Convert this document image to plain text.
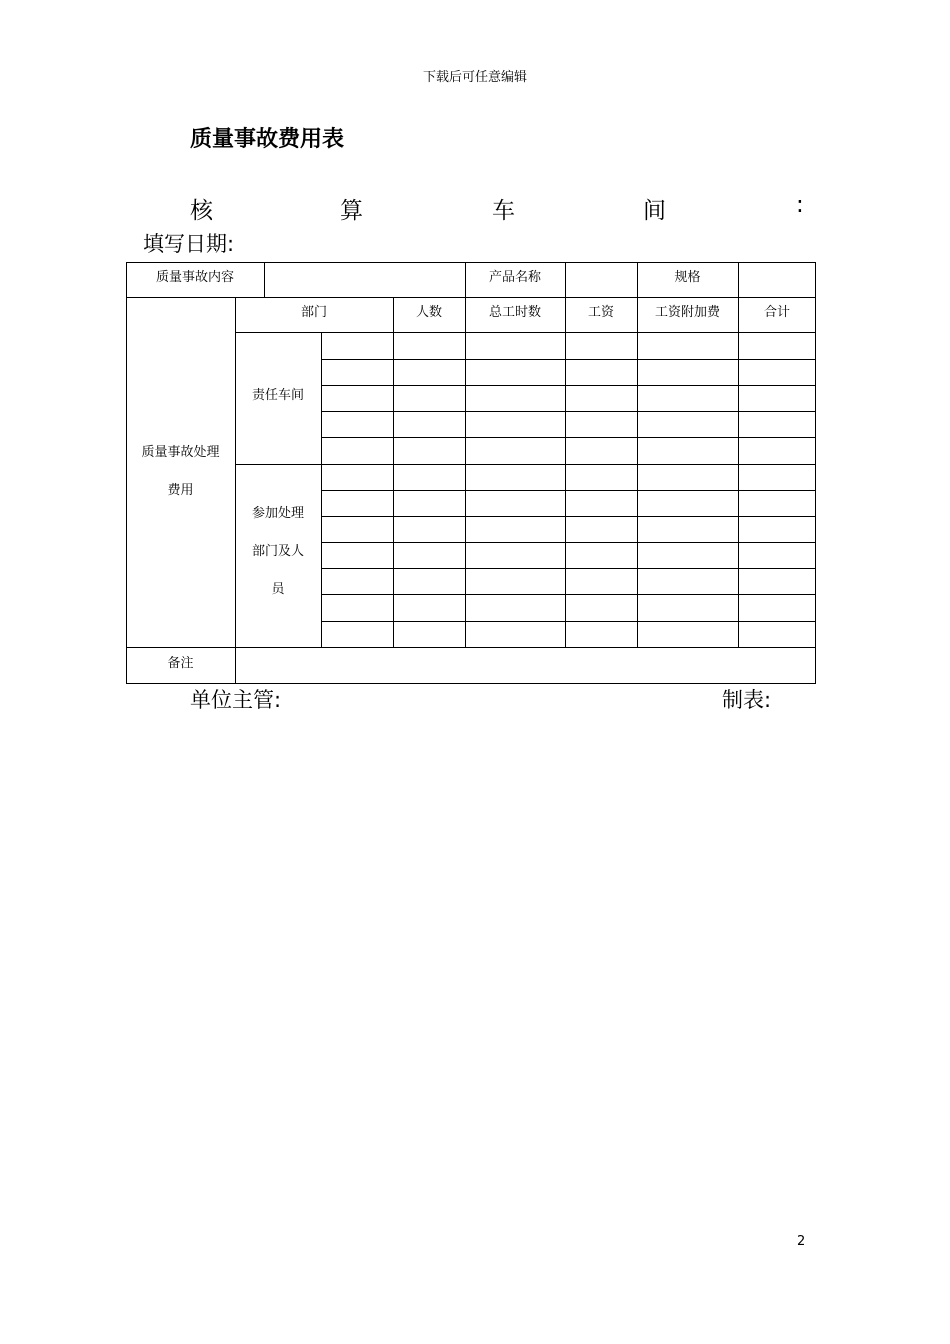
下载后可任意编辑
质量事故费用表
核	算	车	间	:
填写日期:
质量事故内容	产品名称	规格
部门	人数	总工时数	工资	工资附加费	合计
质量事故处理
费用
责任车间
参加处理
部门及人
员
备注
单位主管:	制表:
2
